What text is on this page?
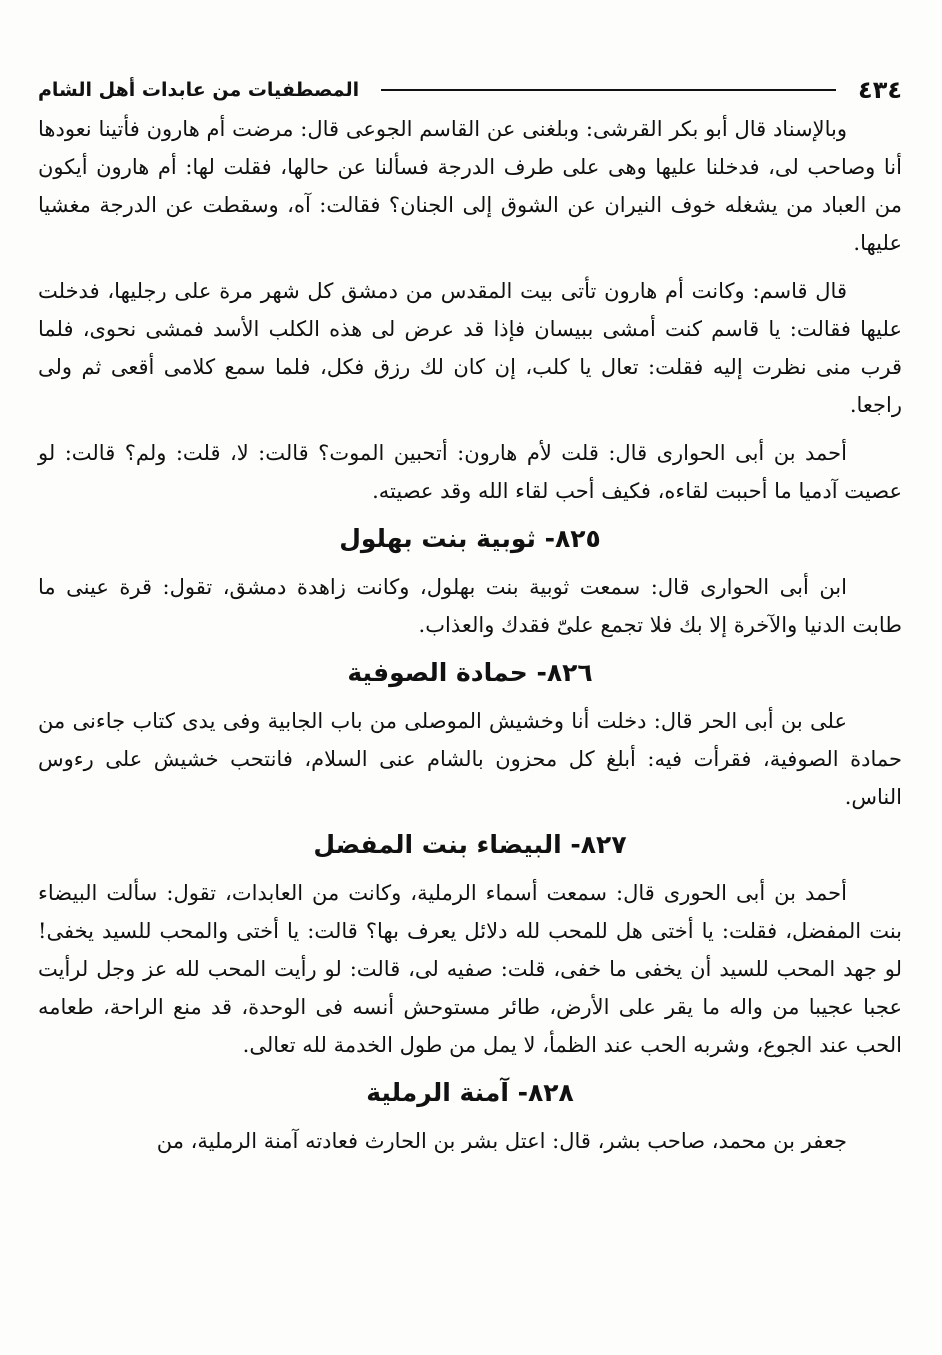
٤٣٤
المصطفيات من عابدات أهل الشام

وبالإسناد قال أبو بكر القرشى: وبلغنى عن القاسم الجوعى قال: مرضت أم هارون فأتينا نعودها أنا وصاحب لى، فدخلنا عليها وهى على طرف الدرجة فسألنا عن حالها، فقلت لها: أم هارون أيكون من العباد من يشغله خوف النيران عن الشوق إلى الجنان؟ فقالت: آه، وسقطت عن الدرجة مغشيا عليها.

قال قاسم: وكانت أم هارون تأتى بيت المقدس من دمشق كل شهر مرة على رجليها، فدخلت عليها فقالت: يا قاسم كنت أمشى ببيسان فإذا قد عرض لى هذه الكلب الأسد فمشى نحوى، فلما قرب منى نظرت إليه فقلت: تعال يا كلب، إن كان لك رزق فكل، فلما سمع كلامى أقعى ثم ولى راجعا.

أحمد بن أبى الحوارى قال: قلت لأم هارون: أتحبين الموت؟ قالت: لا، قلت: ولم؟ قالت: لو عصيت آدميا ما أحببت لقاءه، فكيف أحب لقاء الله وقد عصيته.

٨٢٥- ثوبية بنت بهلول

ابن أبى الحوارى قال: سمعت ثوبية بنت بهلول، وكانت زاهدة دمشق، تقول: قرة عينى ما طابت الدنيا والآخرة إلا بك فلا تجمع علىّ فقدك والعذاب.

٨٢٦- حمادة الصوفية

على بن أبى الحر قال: دخلت أنا وخشيش الموصلى من باب الجابية وفى يدى كتاب جاءنى من حمادة الصوفية، فقرأت فيه: أبلغ كل محزون بالشام عنى السلام، فانتحب خشيش على رءوس الناس.

٨٢٧- البيضاء بنت المفضل

أحمد بن أبى الحورى قال: سمعت أسماء الرملية، وكانت من العابدات، تقول: سألت البيضاء بنت المفضل، فقلت: يا أختى هل للمحب لله دلائل يعرف بها؟ قالت: يا أختى والمحب للسيد يخفى! لو جهد المحب للسيد أن يخفى ما خفى، قلت: صفيه لى، قالت: لو رأيت المحب لله عز وجل لرأيت عجبا عجيبا من واله ما يقر على الأرض، طائر مستوحش أنسه فى الوحدة، قد منع الراحة، طعامه الحب عند الجوع، وشربه الحب عند الظمأ، لا يمل من طول الخدمة لله تعالى.

٨٢٨- آمنة الرملية

جعفر بن محمد، صاحب بشر، قال: اعتل بشر بن الحارث فعادته آمنة الرملية، من
